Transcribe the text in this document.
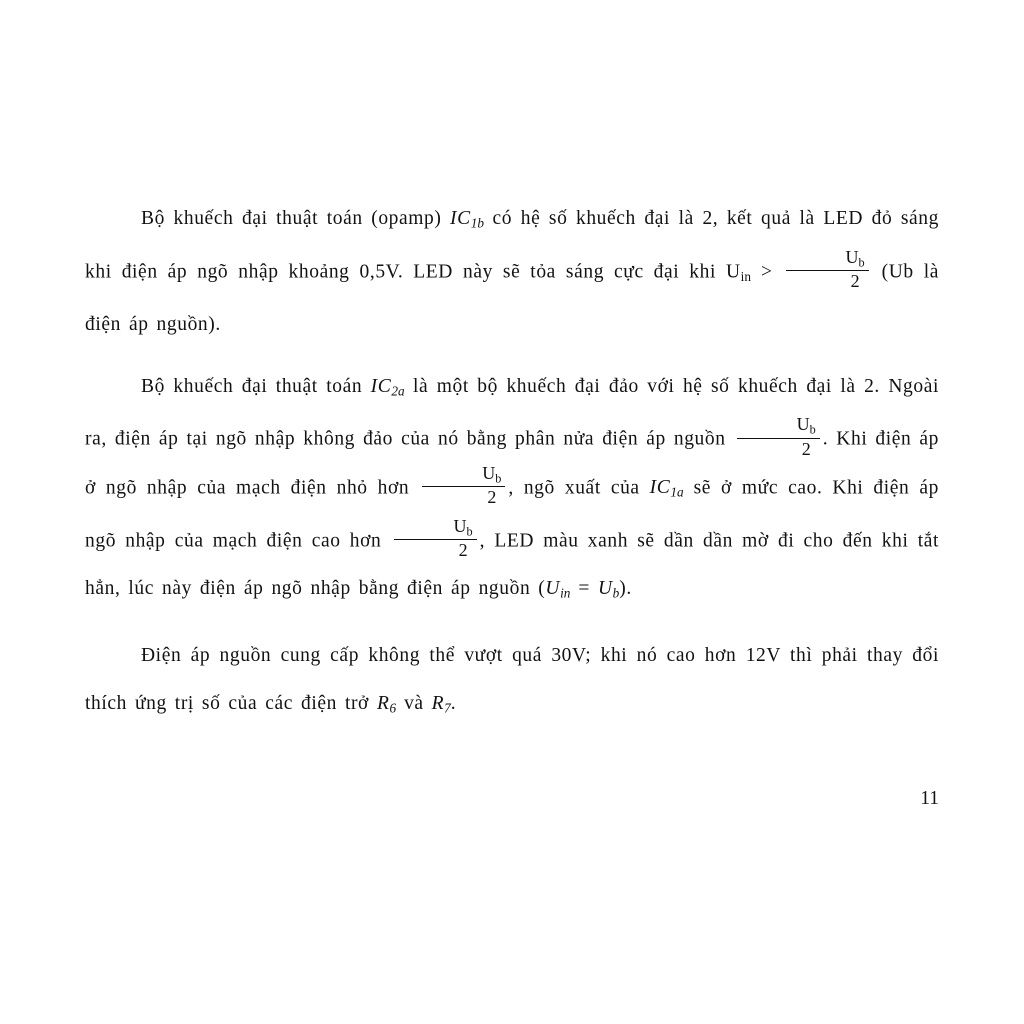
Bộ khuếch đại thuật toán (opamp) $IC_{1b}$ có hệ số khuếch đại là 2, kết quả là LED đỏ sáng khi điện áp ngõ nhập khoảng 0,5V. LED này sẽ tỏa sáng cực đại khi $U_{in} > \frac{U_b}{2} (Ub$ là điện áp nguồn).

Bộ khuếch đại thuật toán $IC_{2a}$ là một bộ khuếch đại đảo với hệ số khuếch đại là 2. Ngoài ra, điện áp tại ngõ nhập không đảo của nó bằng phân nửa điện áp nguồn $\frac{U_b}{2}$ . Khi điện áp ở ngõ nhập của mạch điện nhỏ hơn $\frac{U_b}{2}$ , ngõ xuất của $IC_{1a}$ sẽ ở mức cao. Khi điện áp ngõ nhập của mạch điện cao hơn $\frac{U_b}{2}$ , LED màu xanh sẽ dần dần mờ đi cho đến khi tắt hẳn, lúc này điện áp ngõ nhập bằng điện áp nguồn $(U_{in} = U_b)$.

Điện áp nguồn cung cấp không thể vượt quá 30V; khi nó cao hơn 12V thì phải thay đổi thích ứng trị số của các điện trở $R_6$ và $R_7$.

11
